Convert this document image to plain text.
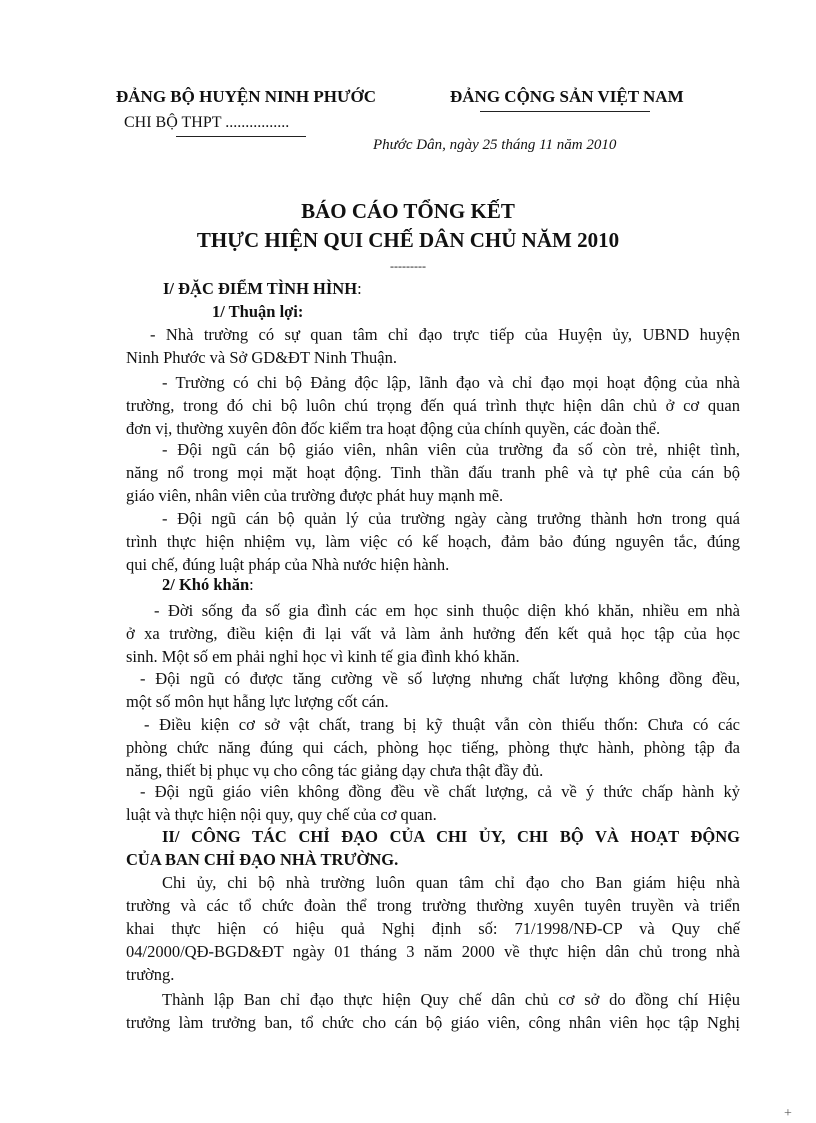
ĐẢNG BỘ HUYỆN NINH PHƯỚC
CHI BỘ THPT ................
ĐẢNG CỘNG SẢN VIỆT NAM
Phước Dân, ngày 25 tháng 11 năm 2010
BÁO CÁO TỔNG KẾT
THỰC HIỆN QUI CHẾ DÂN CHỦ NĂM 2010
---------
I/ ĐẶC ĐIỂM TÌNH HÌNH:
1/ Thuận lợi:
- Nhà trường có sự quan tâm chỉ đạo trực tiếp của Huyện ủy, UBND huyện
Ninh Phước và Sở GD&ĐT Ninh Thuận.
- Trường có chi bộ Đảng độc lập, lãnh đạo và chỉ đạo mọi hoạt động của nhà
trường, trong đó chi bộ luôn chú trọng đến quá trình thực hiện dân chủ ở cơ quan
đơn vị, thường xuyên đôn đốc kiểm tra hoạt động của chính quyền, các đoàn thể.
- Đội ngũ cán bộ giáo viên, nhân viên của trường đa số còn trẻ, nhiệt tình,
năng nổ trong mọi mặt hoạt động. Tinh thần đấu tranh phê và tự phê của cán bộ
giáo viên, nhân viên của trường được phát huy mạnh mẽ.
- Đội ngũ cán bộ quản lý của trường ngày càng trưởng thành hơn trong quá
trình thực hiện nhiệm vụ, làm việc có kế hoạch, đảm bảo đúng nguyên tắc, đúng
qui chế, đúng luật pháp của Nhà nước hiện hành.
2/ Khó khăn:
- Đời sống đa số gia đình các em học sinh thuộc diện khó khăn, nhiều em nhà
ở xa trường, điều kiện đi lại vất vả làm ảnh hưởng đến kết quả học tập của học
sinh. Một số em phải nghỉ học vì kinh tế gia đình khó khăn.
- Đội ngũ có được tăng cường về số lượng nhưng chất lượng không đồng đều,
một số môn hụt hẫng lực lượng cốt cán.
- Điều kiện cơ sở vật chất, trang bị kỹ thuật vẫn còn thiếu thốn: Chưa có các
phòng chức năng đúng qui cách, phòng học tiếng, phòng thực hành, phòng tập đa
năng, thiết bị phục vụ cho công tác giảng dạy chưa thật đầy đủ.
- Đội ngũ giáo viên không đồng đều về chất lượng, cả về ý thức chấp hành kỷ
luật và thực hiện nội quy, quy chế của cơ quan.
II/ CÔNG TÁC CHỈ ĐẠO CỦA CHI ỦY, CHI BỘ VÀ HOẠT ĐỘNG
CỦA BAN CHỈ ĐẠO NHÀ TRƯỜNG.
Chi ủy, chi bộ nhà trường luôn quan tâm chỉ đạo cho Ban giám hiệu nhà
trường và các tổ chức đoàn thể trong trường thường xuyên tuyên truyền và triển
khai thực hiện có hiệu quả Nghị định số: 71/1998/NĐ-CP và Quy chế
04/2000/QĐ-BGD&ĐT ngày 01 tháng 3 năm 2000 về thực hiện dân chủ trong nhà
trường.
Thành lập Ban chỉ đạo thực hiện Quy chế dân chủ cơ sở do đồng chí Hiệu
trưởng làm trưởng ban, tổ chức cho cán bộ giáo viên, công nhân viên học tập Nghị
+
